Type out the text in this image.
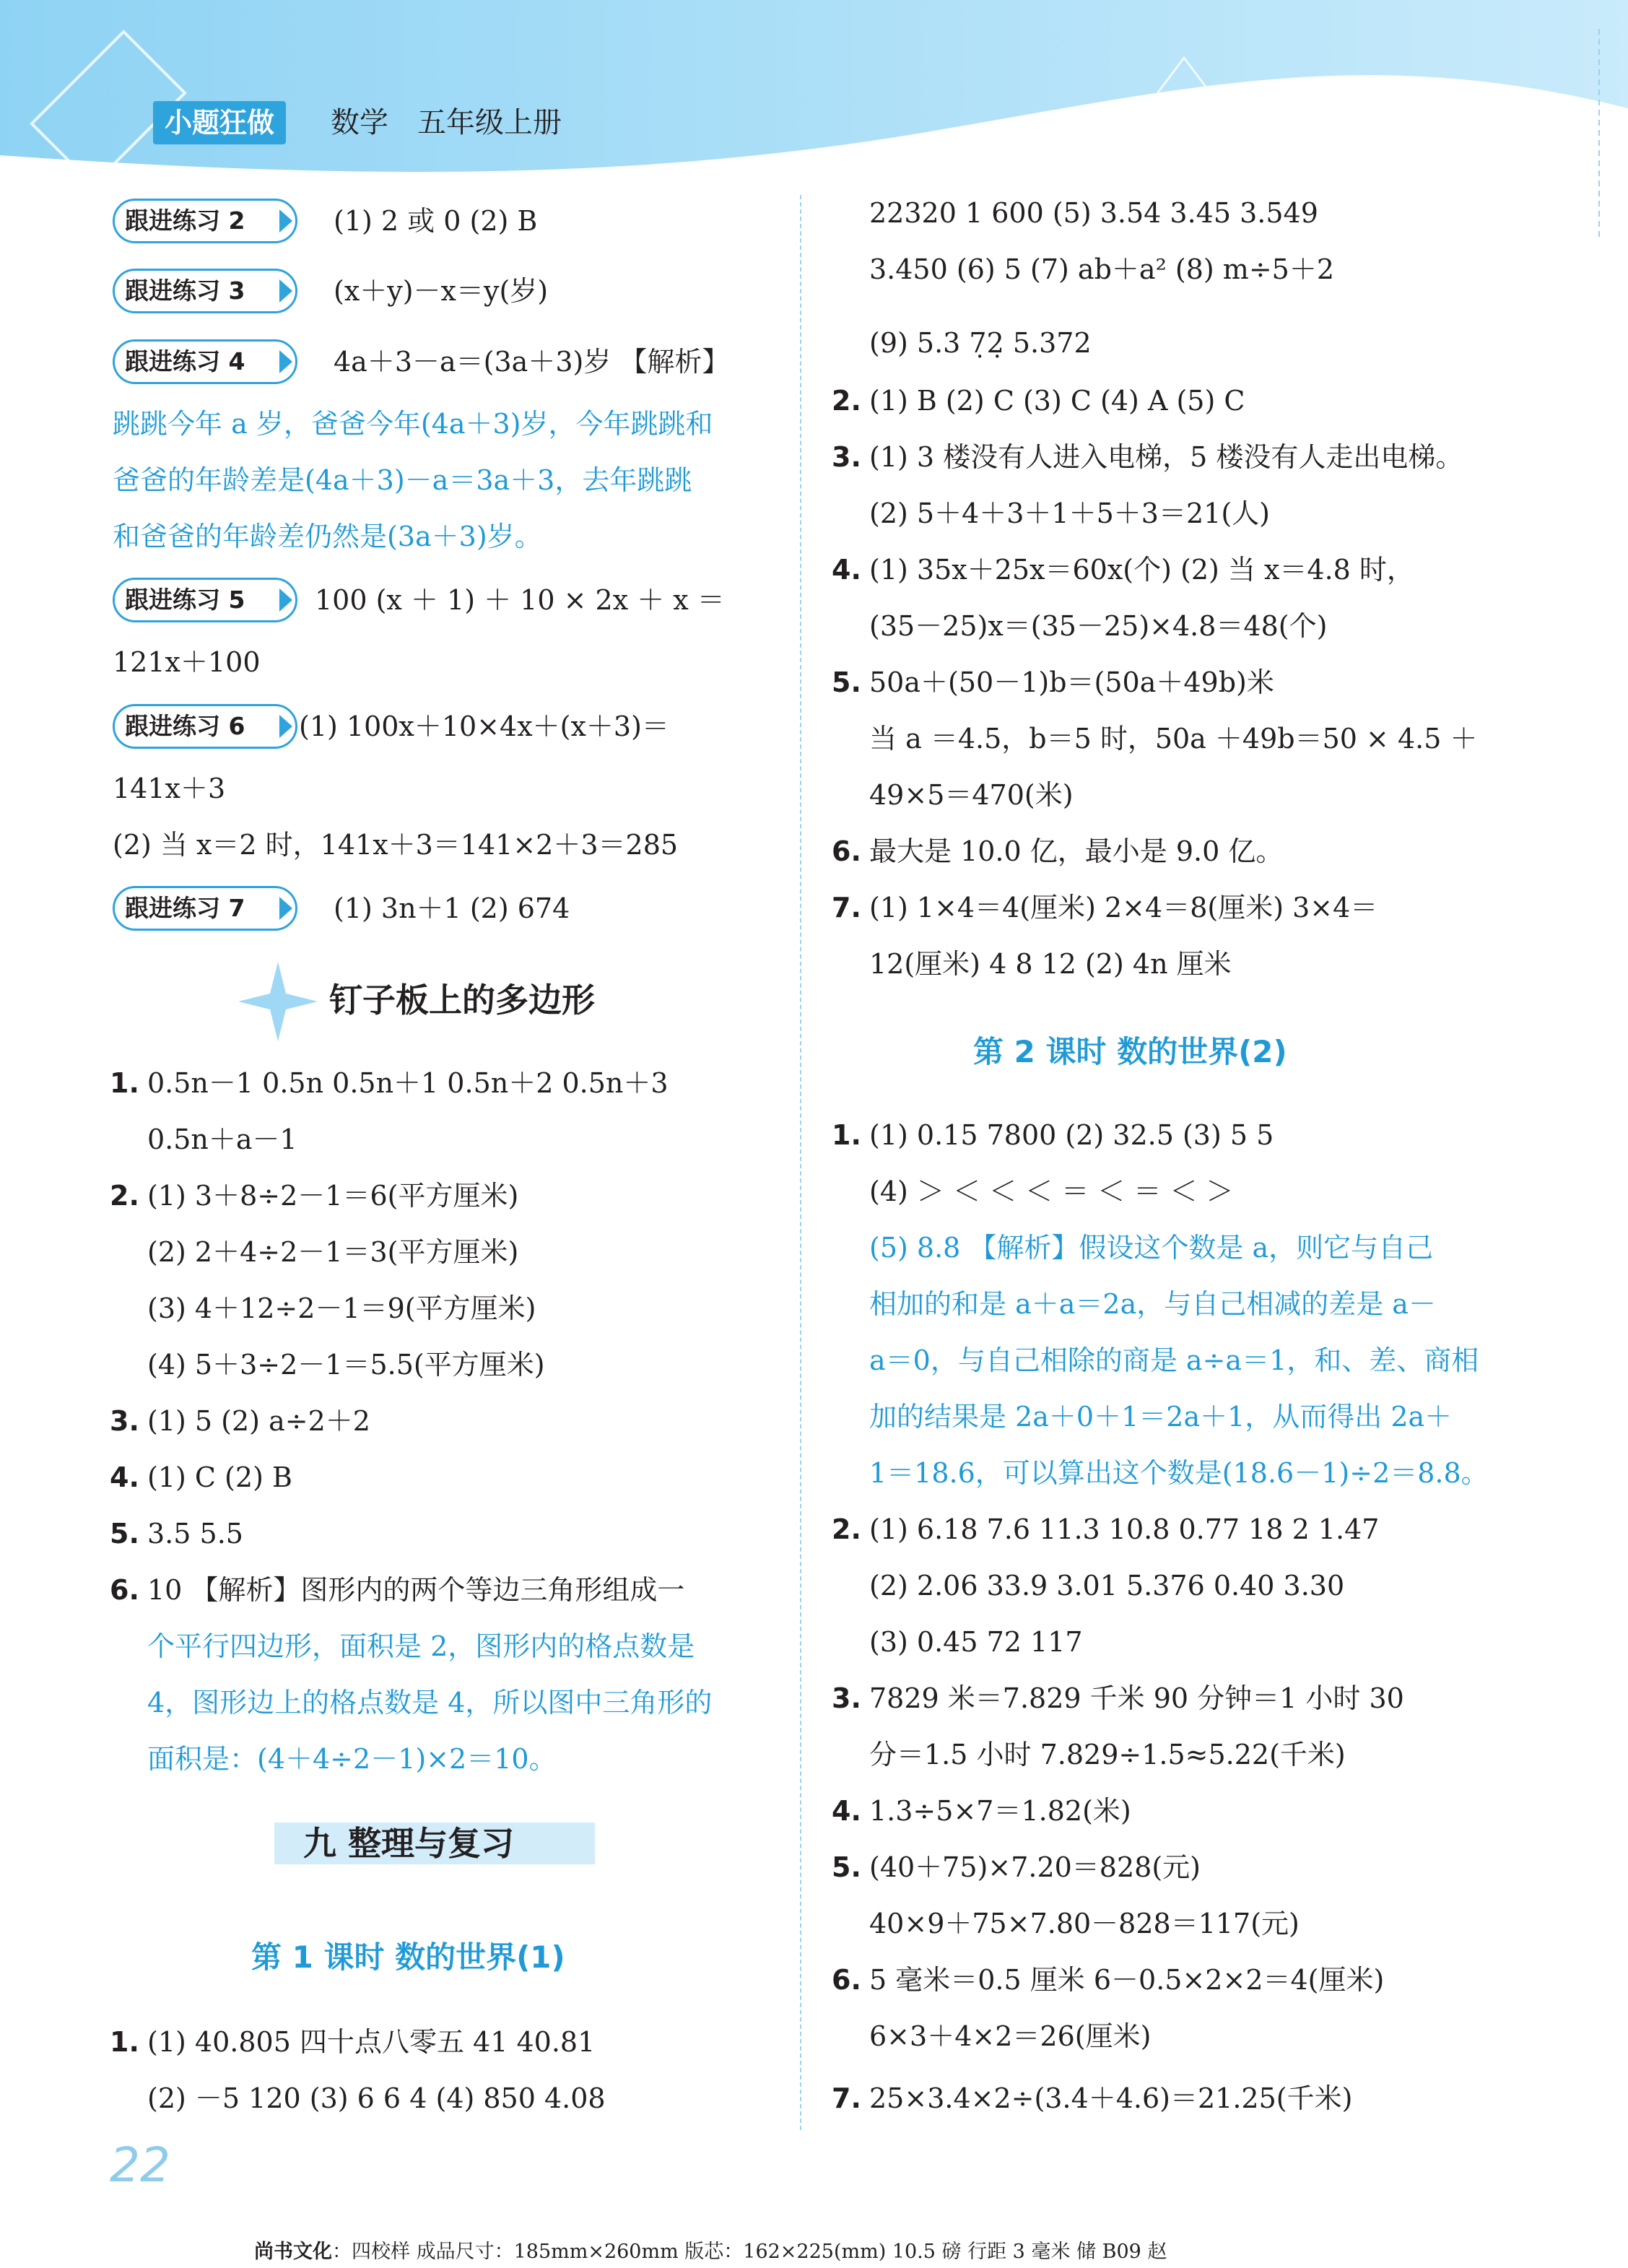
小题狂做	数学 五年级上册
跟进练习 2	(1) 2 或 0 (2) B
跟进练习 3	(x＋y)－x＝y(岁)
跟进练习 4	4a＋3－a＝(3a＋3)岁 【解析】
跳跳今年 a 岁，爸爸今年(4a＋3)岁，今年跳跳和
爸爸的年龄差是(4a＋3)－a＝3a＋3，去年跳跳
和爸爸的年龄差仍然是(3a＋3)岁。
跟进练习 5	100 (x ＋ 1) ＋ 10 × 2x ＋ x ＝
121x＋100
跟进练习 6	(1) 100x＋10×4x＋(x＋3)＝
141x＋3
(2) 当 x＝2 时，141x＋3＝141×2＋3＝285
跟进练习 7	(1) 3n＋1 (2) 674
钉子板上的多边形
1. 0.5n－1 0.5n 0.5n＋1 0.5n＋2 0.5n＋3
0.5n＋a－1
2. (1) 3＋8÷2－1＝6(平方厘米)
(2) 2＋4÷2－1＝3(平方厘米)
(3) 4＋12÷2－1＝9(平方厘米)
(4) 5＋3÷2－1＝5.5(平方厘米)
3. (1) 5 (2) a÷2＋2
4. (1) C (2) B
5. 3.5 5.5
6. 10 【解析】图形内的两个等边三角形组成一
个平行四边形，面积是 2，图形内的格点数是
4，图形边上的格点数是 4，所以图中三角形的
面积是：(4＋4÷2－1)×2＝10。
九 整理与复习
第 1 课时 数的世界(1)
1. (1) 40.805 四十点八零五 41 40.81
(2) －5 120 (3) 6 6 4 (4) 850 4.08
22320 1 600 (5) 3.54 3.45 3.549
3.450 (6) 5 (7) ab＋a² (8) m÷5＋2
(9) 5.3 7̣2̣ 5.372
2. (1) B (2) C (3) C (4) A (5) C
3. (1) 3 楼没有人进入电梯，5 楼没有人走出电梯。
(2) 5＋4＋3＋1＋5＋3＝21(人)
4. (1) 35x＋25x＝60x(个) (2) 当 x＝4.8 时，
(35－25)x＝(35－25)×4.8＝48(个)
5. 50a＋(50－1)b＝(50a＋49b)米
当 a ＝4.5，b＝5 时，50a ＋49b＝50 × 4.5 ＋
49×5＝470(米)
6. 最大是 10.0 亿，最小是 9.0 亿。
7. (1) 1×4＝4(厘米) 2×4＝8(厘米) 3×4＝
12(厘米) 4 8 12 (2) 4n 厘米
第 2 课时 数的世界(2)
1. (1) 0.15 7800 (2) 32.5 (3) 5 5
(4) ＞ ＜ ＜ ＜ ＝ ＜ ＝ ＜ ＞
(5) 8.8 【解析】假设这个数是 a，则它与自己
相加的和是 a＋a＝2a，与自己相减的差是 a－
a＝0，与自己相除的商是 a÷a＝1，和、差、商相
加的结果是 2a＋0＋1＝2a＋1，从而得出 2a＋
1＝18.6，可以算出这个数是(18.6－1)÷2＝8.8。
2. (1) 6.18 7.6 11.3 10.8 0.77 18 2 1.47
(2) 2.06 33.9 3.01 5.376 0.40 3.30
(3) 0.45 72 117
3. 7829 米＝7.829 千米 90 分钟＝1 小时 30
分＝1.5 小时 7.829÷1.5≈5.22(千米)
4. 1.3÷5×7＝1.82(米)
5. (40＋75)×7.20＝828(元)
40×9＋75×7.80－828＝117(元)
6. 5 毫米＝0.5 厘米 6－0.5×2×2＝4(厘米)
6×3＋4×2＝26(厘米)
7. 25×3.4×2÷(3.4＋4.6)＝21.25(千米)
22
尚书文化：四校样 成品尺寸：185mm×260mm 版芯：162×225(mm) 10.5 磅 行距 3 毫米 储 B09 赵
